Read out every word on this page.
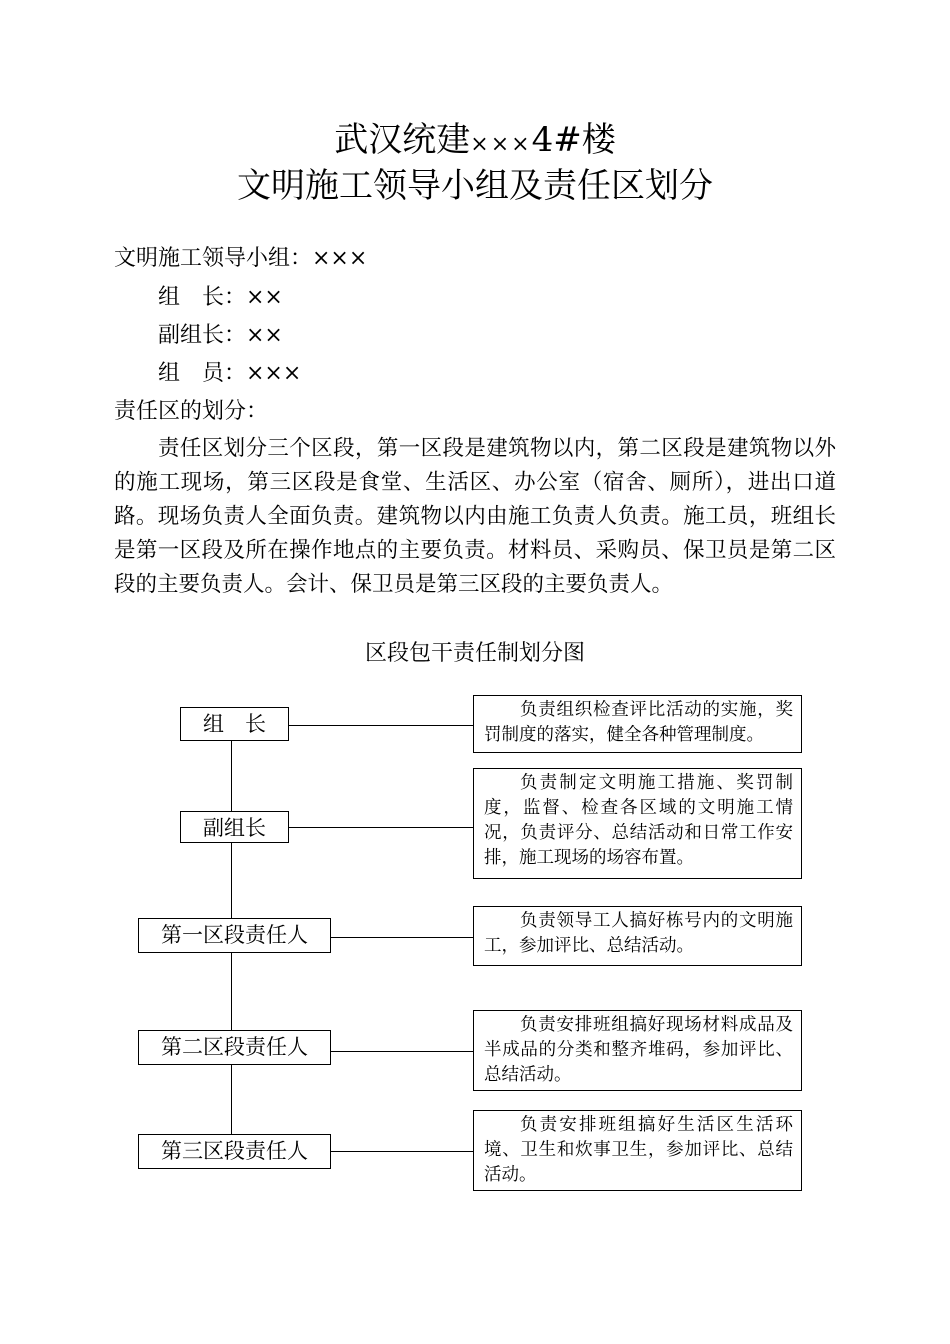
武汉统建×××4#楼
文明施工领导小组及责任区划分
文明施工领导小组：×××
组　长：××
副组长：××
组　员：×××
责任区的划分：
责任区划分三个区段，第一区段是建筑物以内，第二区段是建筑物以外的施工现场，第三区段是食堂、生活区、办公室（宿舍、厕所），进出口道路。现场负责人全面负责。建筑物以内由施工负责人负责。施工员，班组长是第一区段及所在操作地点的主要负责。材料员、采购员、保卫员是第二区段的主要负责人。会计、保卫员是第三区段的主要负责人。
区段包干责任制划分图
组　长
副组长
第一区段责任人
第二区段责任人
第三区段责任人
负责组织检查评比活动的实施，奖罚制度的落实，健全各种管理制度。
负责制定文明施工措施、奖罚制度，监督、检查各区域的文明施工情况，负责评分、总结活动和日常工作安排，施工现场的场容布置。
负责领导工人搞好栋号内的文明施工，参加评比、总结活动。
负责安排班组搞好现场材料成品及半成品的分类和整齐堆码，参加评比、总结活动。
负责安排班组搞好生活区生活环境、卫生和炊事卫生，参加评比、总结活动。
